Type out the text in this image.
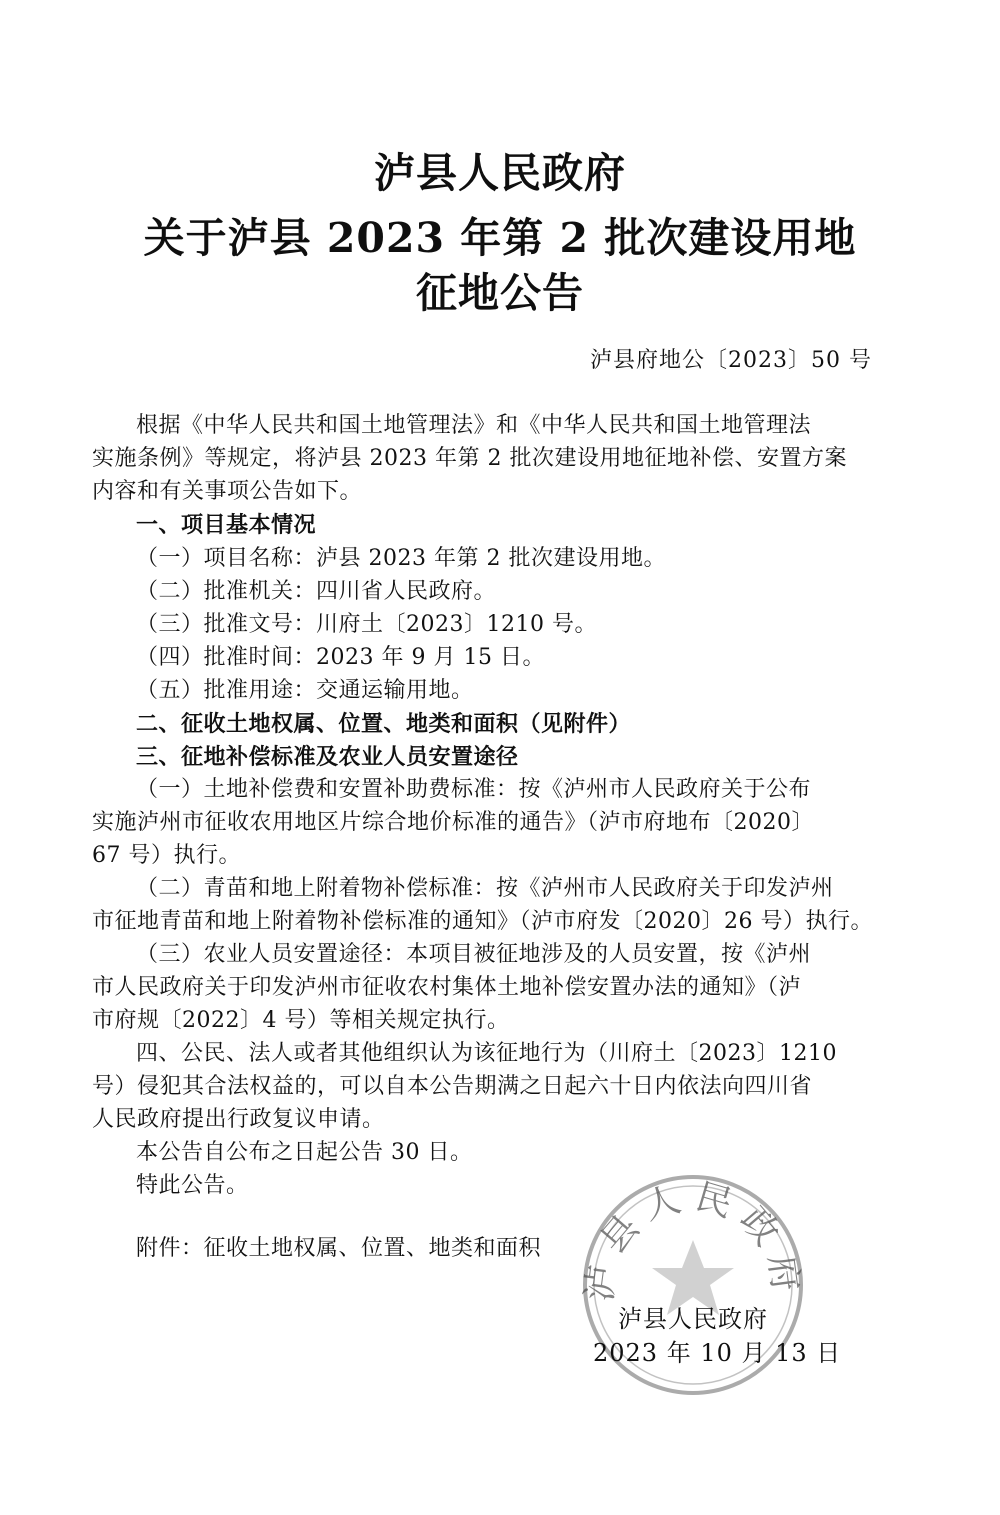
泸县人民政府
关于泸县 2023 年第 2 批次建设用地
征地公告
泸县府地公〔2023〕50 号
根据《中华人民共和国土地管理法》和《中华人民共和国土地管理法
实施条例》等规定，将泸县 2023 年第 2 批次建设用地征地补偿、安置方案
内容和有关事项公告如下。
一、项目基本情况
（一）项目名称：泸县 2023 年第 2 批次建设用地。
（二）批准机关：四川省人民政府。
（三）批准文号：川府土〔2023〕1210 号。
（四）批准时间：2023 年 9 月 15 日。
（五）批准用途：交通运输用地。
二、征收土地权属、位置、地类和面积（见附件）
三、征地补偿标准及农业人员安置途径
（一）土地补偿费和安置补助费标准：按《泸州市人民政府关于公布
实施泸州市征收农用地区片综合地价标准的通告》（泸市府地布〔2020〕
67 号）执行。
（二）青苗和地上附着物补偿标准：按《泸州市人民政府关于印发泸州
市征地青苗和地上附着物补偿标准的通知》（泸市府发〔2020〕26 号）执行。
（三）农业人员安置途径：本项目被征地涉及的人员安置，按《泸州
市人民政府关于印发泸州市征收农村集体土地补偿安置办法的通知》（泸
市府规〔2022〕4 号）等相关规定执行。
四、公民、法人或者其他组织认为该征地行为（川府土〔2023〕1210
号）侵犯其合法权益的，可以自本公告期满之日起六十日内依法向四川省
人民政府提出行政复议申请。
本公告自公布之日起公告 30 日。
特此公告。
附件：征收土地权属、位置、地类和面积
泸县人民政府
泸县人民政府
2023 年 10 月 13 日
